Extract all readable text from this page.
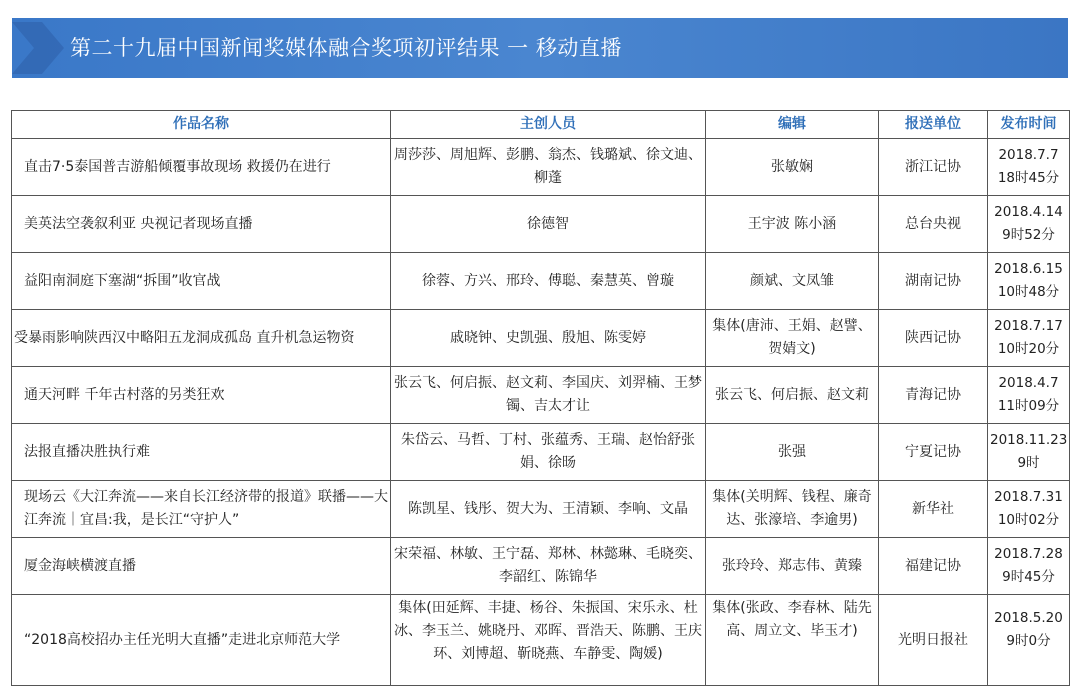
第二十九届中国新闻奖媒体融合奖项初评结果 一 移动直播
作品名称	主创人员	编辑	报送单位	发布时间
直击7·5泰国普吉游船倾覆事故现场 救援仍在进行	周莎莎、周旭辉、彭鹏、翁杰、钱璐斌、徐文迪、柳蓬	张敏娴	浙江记协	2018.7.7
18时45分
美英法空袭叙利亚 央视记者现场直播	徐德智	王宇波 陈小涵	总台央视	2018.4.14
9时52分
益阳南洞庭下塞湖“拆围”收官战	徐蓉、方兴、邢玲、傅聪、秦慧英、曾璇	颜斌、文凤雏	湖南记协	2018.6.15
10时48分
受暴雨影响陕西汉中略阳五龙洞成孤岛 直升机急运物资	戚晓钟、史凯强、殷旭、陈雯婷	集体(唐沛、王娟、赵譬、贺婧文)	陕西记协	2018.7.17
10时20分
通天河畔 千年古村落的另类狂欢	张云飞、何启振、赵文莉、李国庆、刘羿楠、王梦镯、吉太才让	张云飞、何启振、赵文莉	青海记协	2018.4.7
11时09分
法报直播决胜执行难	朱岱云、马哲、丁村、张蕴秀、王瑞、赵怡舒张娟、徐旸	张强	宁夏记协	2018.11.23
9时
现场云《大江奔流——来自长江经济带的报道》联播——大江奔流｜宜昌:我，是长江“守护人”	陈凯星、钱彤、贺大为、王清颖、李响、文晶	集体(关明辉、钱程、廉奇达、张濠培、李逾男)	新华社	2018.7.31
10时02分
厦金海峡横渡直播	宋荣福、林敏、王宁磊、郑林、林懿琳、毛晓奕、李韶红、陈锦华	张玲玲、郑志伟、黄臻	福建记协	2018.7.28
9时45分
“2018高校招办主任光明大直播”走进北京师范大学	集体(田延辉、丰捷、杨谷、朱振国、宋乐永、杜冰、李玉兰、姚晓丹、邓晖、晋浩天、陈鹏、王庆环、刘博超、靳晓燕、车静雯、陶媛)	集体(张政、李春林、陆先高、周立文、毕玉才)	光明日报社	2018.5.20
9时0分
